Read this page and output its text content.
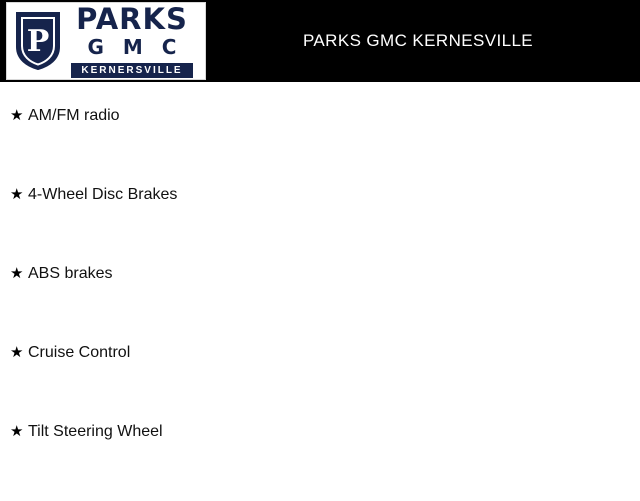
P
PARKS
G M C
KERNERSVILLE
PARKS GMC KERNESVILLE
★ AM/FM radio
★ 4-Wheel Disc Brakes
★ ABS brakes
★ Cruise Control
★ Tilt Steering Wheel
